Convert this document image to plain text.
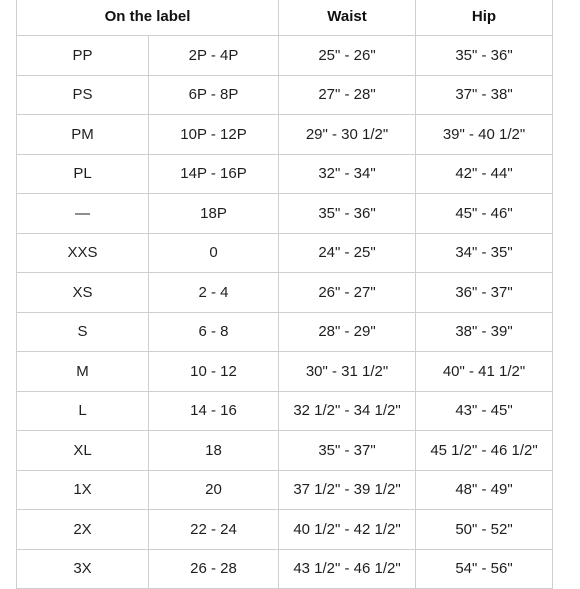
On the label		Waist	Hip
PP	2P - 4P	25" - 26"	35" - 36"
PS	6P - 8P	27" - 28"	37" - 38"
PM	10P - 12P	29" - 30 1/2"	39" - 40 1/2"
PL	14P - 16P	32" - 34"	42" - 44"
—	18P	35" - 36"	45" - 46"
XXS	0	24" - 25"	34" - 35"
XS	2 - 4	26" - 27"	36" - 37"
S	6 - 8	28" - 29"	38" - 39"
M	10 - 12	30" - 31 1/2"	40" - 41 1/2"
L	14 - 16	32 1/2" - 34 1/2"	43" - 45"
XL	18	35" - 37"	45 1/2" - 46 1/2"
1X	20	37 1/2" - 39 1/2"	48" - 49"
2X	22 - 24	40 1/2" - 42 1/2"	50" - 52"
3X	26 - 28	43 1/2" - 46 1/2"	54" - 56"
